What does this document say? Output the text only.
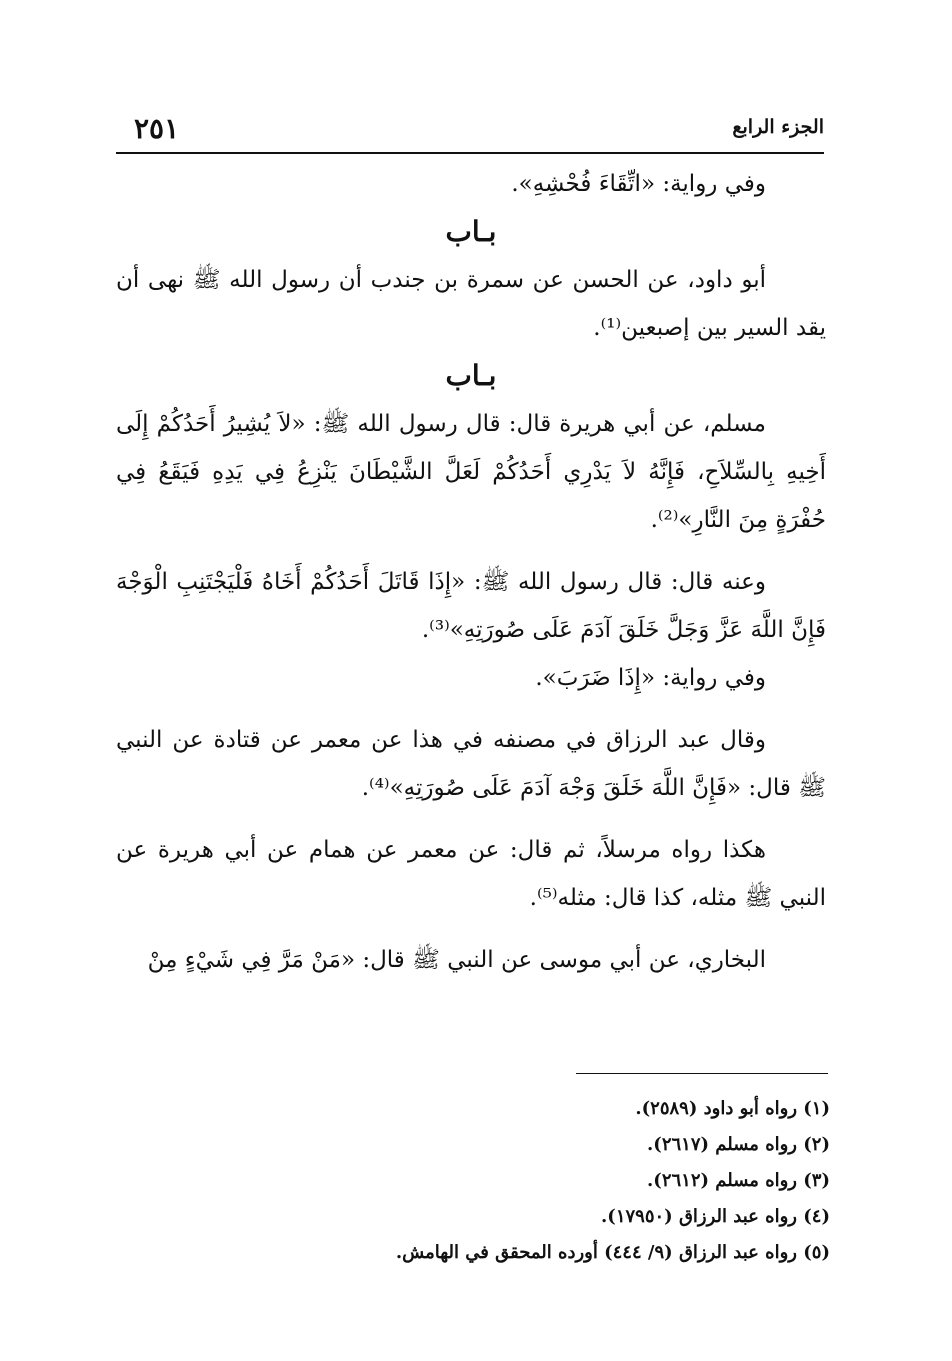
الجزء الرابع
٢٥١

وفي رواية: «اتِّقَاءَ فُحْشِهِ».

بـاب

أبو داود، عن الحسن عن سمرة بن جندب أن رسول الله ﷺ نهى أن يقد السير بين إصبعين⁽¹⁾.

بـاب

مسلم، عن أبي هريرة قال: قال رسول الله ﷺ: «لاَ يُشِيرُ أَحَدُكُمْ إِلَى أَخِيهِ بِالسِّلاَحِ، فَإِنَّهُ لاَ يَدْرِي أَحَدُكُمْ لَعَلَّ الشَّيْطَانَ يَنْزِعُ فِي يَدِهِ فَيَقَعُ فِي حُفْرَةٍ مِنَ النَّارِ»⁽²⁾.

وعنه قال: قال رسول الله ﷺ: «إِذَا قَاتَلَ أَحَدُكُمْ أَخَاهُ فَلْيَجْتَنِبِ الْوَجْهَ فَإِنَّ اللَّهَ عَزَّ وَجَلَّ خَلَقَ آدَمَ عَلَى صُورَتِهِ»⁽³⁾.

وفي رواية: «إِذَا ضَرَبَ».

وقال عبد الرزاق في مصنفه في هذا عن معمر عن قتادة عن النبي ﷺ قال: «فَإِنَّ اللَّهَ خَلَقَ وَجْهَ آدَمَ عَلَى صُورَتِهِ»⁽⁴⁾.

هكذا رواه مرسلاً، ثم قال: عن معمر عن همام عن أبي هريرة عن النبي ﷺ مثله، كذا قال: مثله⁽⁵⁾.

البخاري، عن أبي موسى عن النبي ﷺ قال: «مَنْ مَرَّ فِي شَيْءٍ مِنْ

(١) رواه أبو داود (٢٥٨٩).

(٢) رواه مسلم (٢٦١٧).

(٣) رواه مسلم (٢٦١٢).

(٤) رواه عبد الرزاق (١٧٩٥٠).

(٥) رواه عبد الرزاق (٩/ ٤٤٤) أورده المحقق في الهامش.
